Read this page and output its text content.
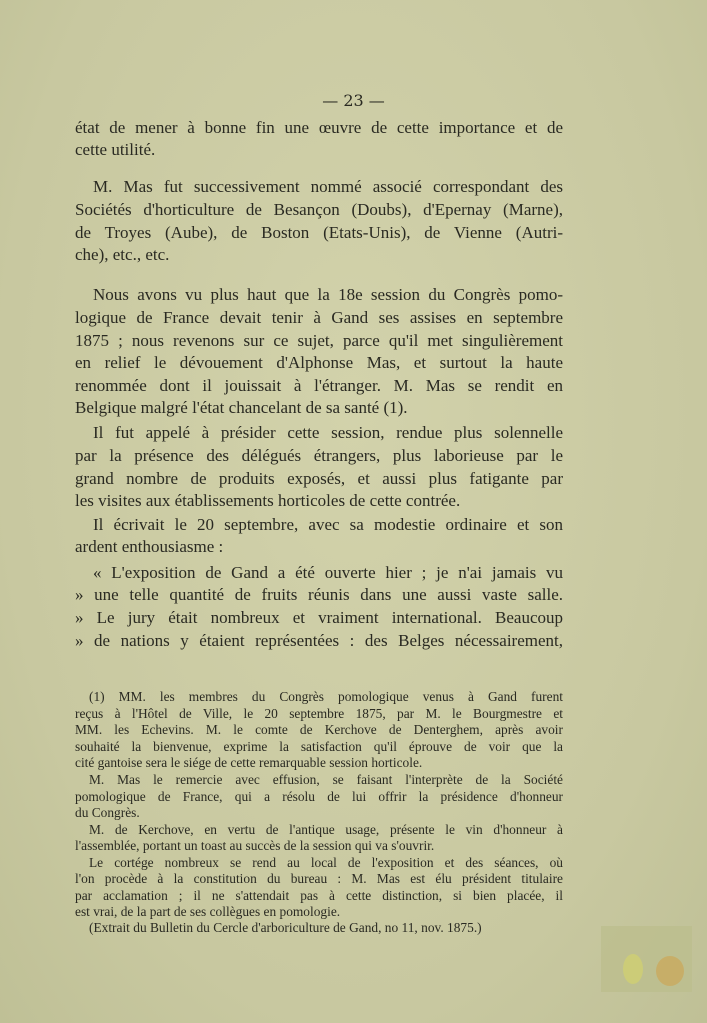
— 23 —
état de mener à bonne fin une œuvre de cette importance et de
cette utilité.
M. Mas fut successivement nommé associé correspondant des
Sociétés d'horticulture de Besançon (Doubs), d'Epernay (Marne),
de Troyes (Aube), de Boston (Etats-Unis), de Vienne (Autri-
che), etc., etc.
Nous avons vu plus haut que la 18e session du Congrès pomo-
logique de France devait tenir à Gand ses assises en septembre
1875 ; nous revenons sur ce sujet, parce qu'il met singulièrement
en relief le dévouement d'Alphonse Mas, et surtout la haute
renommée dont il jouissait à l'étranger. M. Mas se rendit en
Belgique malgré l'état chancelant de sa santé (1).
Il fut appelé à présider cette session, rendue plus solennelle
par la présence des délégués étrangers, plus laborieuse par le
grand nombre de produits exposés, et aussi plus fatigante par
les visites aux établissements horticoles de cette contrée.
Il écrivait le 20 septembre, avec sa modestie ordinaire et son
ardent enthousiasme :
« L'exposition de Gand a été ouverte hier ; je n'ai jamais vu
» une telle quantité de fruits réunis dans une aussi vaste salle.
» Le jury était nombreux et vraiment international. Beaucoup
» de nations y étaient représentées : des Belges nécessairement,
(1) MM. les membres du Congrès pomologique venus à Gand furent
reçus à l'Hôtel de Ville, le 20 septembre 1875, par M. le Bourgmestre et
MM. les Echevins. M. le comte de Kerchove de Denterghem, après avoir
souhaité la bienvenue, exprime la satisfaction qu'il éprouve de voir que la
cité gantoise sera le siége de cette remarquable session horticole.
M. Mas le remercie avec effusion, se faisant l'interprète de la Société
pomologique de France, qui a résolu de lui offrir la présidence d'honneur
du Congrès.
M. de Kerchove, en vertu de l'antique usage, présente le vin d'honneur à
l'assemblée, portant un toast au succès de la session qui va s'ouvrir.
Le cortége nombreux se rend au local de l'exposition et des séances, où
l'on procède à la constitution du bureau : M. Mas est élu président titulaire
par acclamation ; il ne s'attendait pas à cette distinction, si bien placée, il
est vrai, de la part de ses collègues en pomologie.
(Extrait du Bulletin du Cercle d'arboriculture de Gand, no 11, nov. 1875.)
